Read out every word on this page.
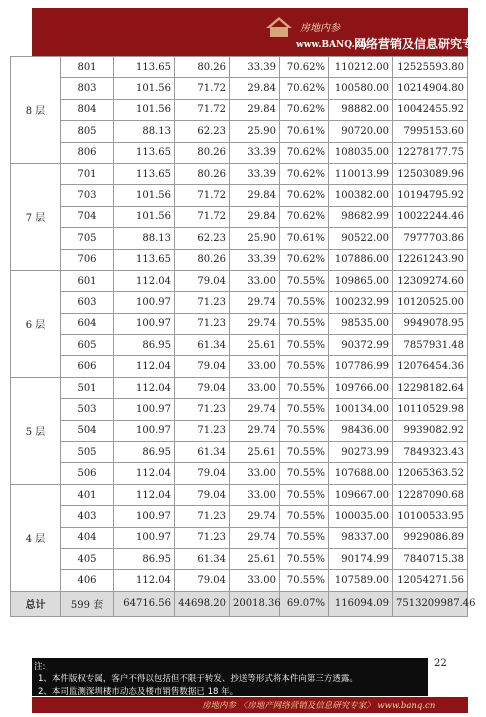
房地内参
www.BANQ.cn
网络营销及信息研究专家
8 层	801	113.65	80.26	33.39	70.62%	110212.00	12525593.80
	803	101.56	71.72	29.84	70.62%	100580.00	10214904.80
	804	101.56	71.72	29.84	70.62%	98882.00	10042455.92
	805	88.13	62.23	25.90	70.61%	90720.00	7995153.60
	806	113.65	80.26	33.39	70.62%	108035.00	12278177.75
7 层	701	113.65	80.26	33.39	70.62%	110013.99	12503089.96
	703	101.56	71.72	29.84	70.62%	100382.00	10194795.92
	704	101.56	71.72	29.84	70.62%	98682.99	10022244.46
	705	88.13	62.23	25.90	70.61%	90522.00	7977703.86
	706	113.65	80.26	33.39	70.62%	107886.00	12261243.90
6 层	601	112.04	79.04	33.00	70.55%	109865.00	12309274.60
	603	100.97	71.23	29.74	70.55%	100232.99	10120525.00
	604	100.97	71.23	29.74	70.55%	98535.00	9949078.95
	605	86.95	61.34	25.61	70.55%	90372.99	7857931.48
	606	112.04	79.04	33.00	70.55%	107786.99	12076454.36
5 层	501	112.04	79.04	33.00	70.55%	109766.00	12298182.64
	503	100.97	71.23	29.74	70.55%	100134.00	10110529.98
	504	100.97	71.23	29.74	70.55%	98436.00	9939082.92
	505	86.95	61.34	25.61	70.55%	90273.99	7849323.43
	506	112.04	79.04	33.00	70.55%	107688.00	12065363.52
4 层	401	112.04	79.04	33.00	70.55%	109667.00	12287090.68
	403	100.97	71.23	29.74	70.55%	100035.00	10100533.95
	404	100.97	71.23	29.74	70.55%	98337.00	9929086.89
	405	86.95	61.34	25.61	70.55%	90174.99	7840715.38
	406	112.04	79.04	33.00	70.55%	107589.00	12054271.56
总计	599 套	64716.56	44698.20	20018.36	69.07%	116094.09	7513209987.46
22
注:
1、本件版权专属，客户不得以包括但不限于转发、抄送等形式将本件向第三方透露。
2、本司监测深圳楼市动态及楼市销售数据已 18 年。
房地内参 〈房地产网络营销及信息研究专家〉 www.banq.cn
